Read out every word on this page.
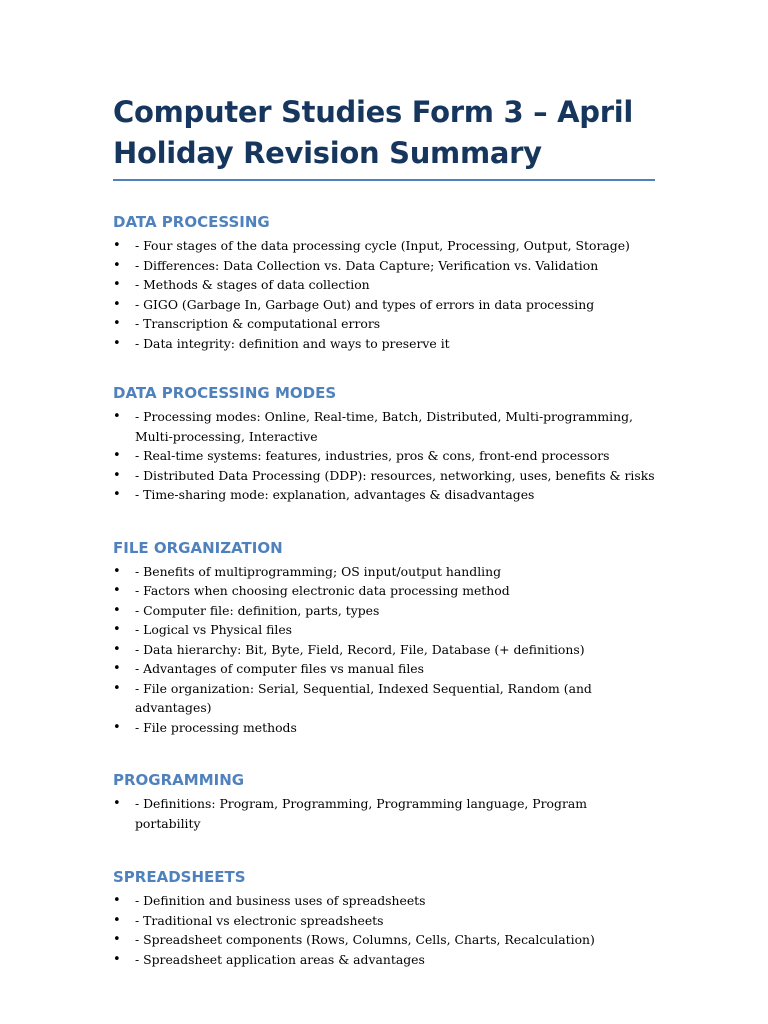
Computer Studies Form 3 – April Holiday Revision Summary
DATA PROCESSING
• - Four stages of the data processing cycle (Input, Processing, Output, Storage)
• - Differences: Data Collection vs. Data Capture; Verification vs. Validation
• - Methods & stages of data collection
• - GIGO (Garbage In, Garbage Out) and types of errors in data processing
• - Transcription & computational errors
• - Data integrity: definition and ways to preserve it
DATA PROCESSING MODES
• - Processing modes: Online, Real-time, Batch, Distributed, Multi-programming, Multi-processing, Interactive
• - Real-time systems: features, industries, pros & cons, front-end processors
• - Distributed Data Processing (DDP): resources, networking, uses, benefits & risks
• - Time-sharing mode: explanation, advantages & disadvantages
FILE ORGANIZATION
• - Benefits of multiprogramming; OS input/output handling
• - Factors when choosing electronic data processing method
• - Computer file: definition, parts, types
• - Logical vs Physical files
• - Data hierarchy: Bit, Byte, Field, Record, File, Database (+ definitions)
• - Advantages of computer files vs manual files
• - File organization: Serial, Sequential, Indexed Sequential, Random (and advantages)
• - File processing methods
PROGRAMMING
• - Definitions: Program, Programming, Programming language, Program portability
SPREADSHEETS
• - Definition and business uses of spreadsheets
• - Traditional vs electronic spreadsheets
• - Spreadsheet components (Rows, Columns, Cells, Charts, Recalculation)
• - Spreadsheet application areas & advantages
